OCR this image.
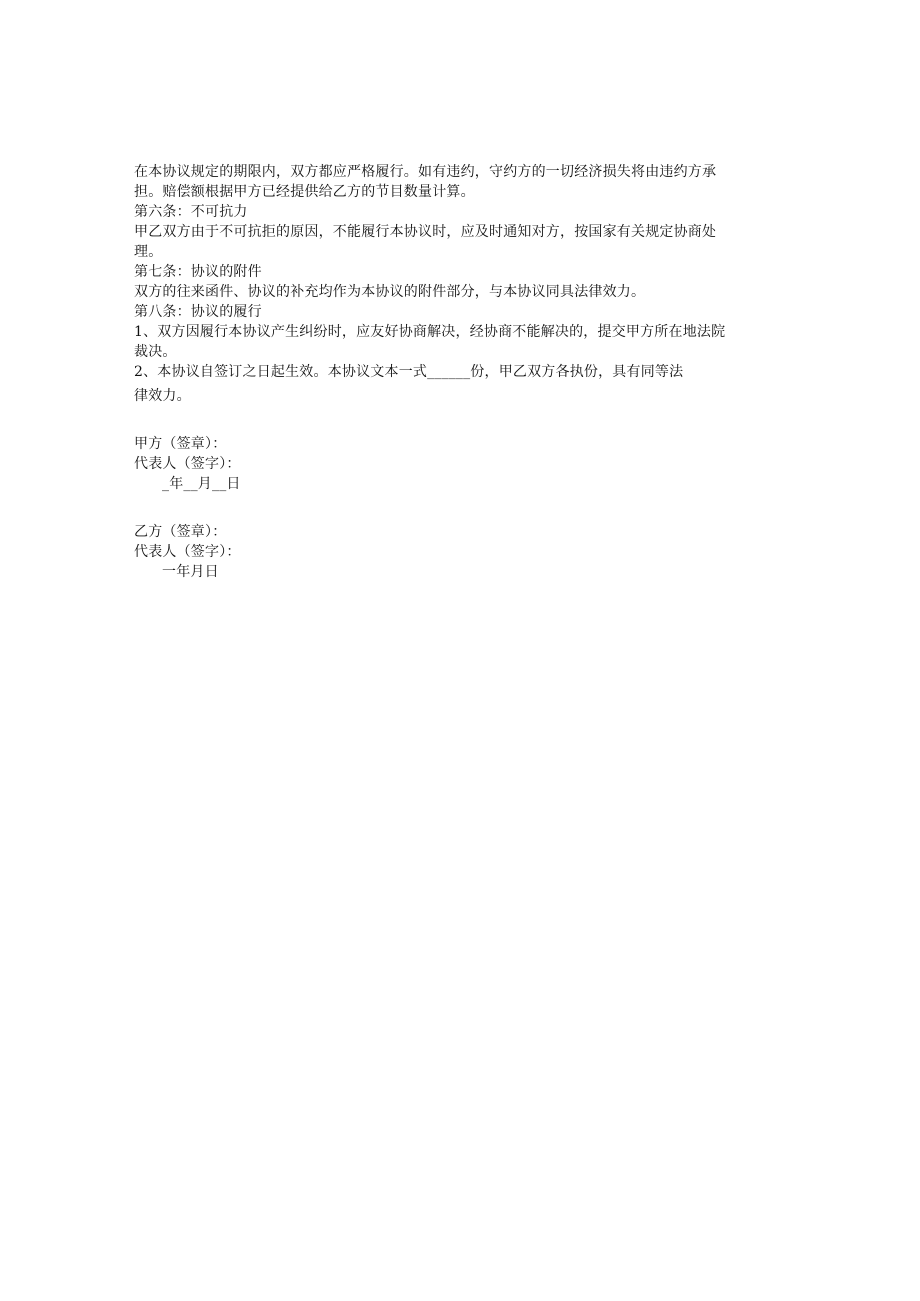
在本协议规定的期限内，双方都应严格履行。如有违约，守约方的一切经济损失将由违约方承
担。赔偿额根据甲方已经提供给乙方的节目数量计算。
第六条：不可抗力
甲乙双方由于不可抗拒的原因，不能履行本协议时，应及时通知对方，按国家有关规定协商处
理。
第七条：协议的附件
双方的往来函件、协议的补充均作为本协议的附件部分，与本协议同具法律效力。
第八条：协议的履行
1、双方因履行本协议产生纠纷时，应友好协商解决，经协商不能解决的，提交甲方所在地法院
裁决。
2、本协议自签订之日起生效。本协议文本一式______份，甲乙双方各执份，具有同等法
律效力。
甲方（签章）：
代表人（签字）：
_年__月__日
乙方（签章）：
代表人（签字）：
一年月日
